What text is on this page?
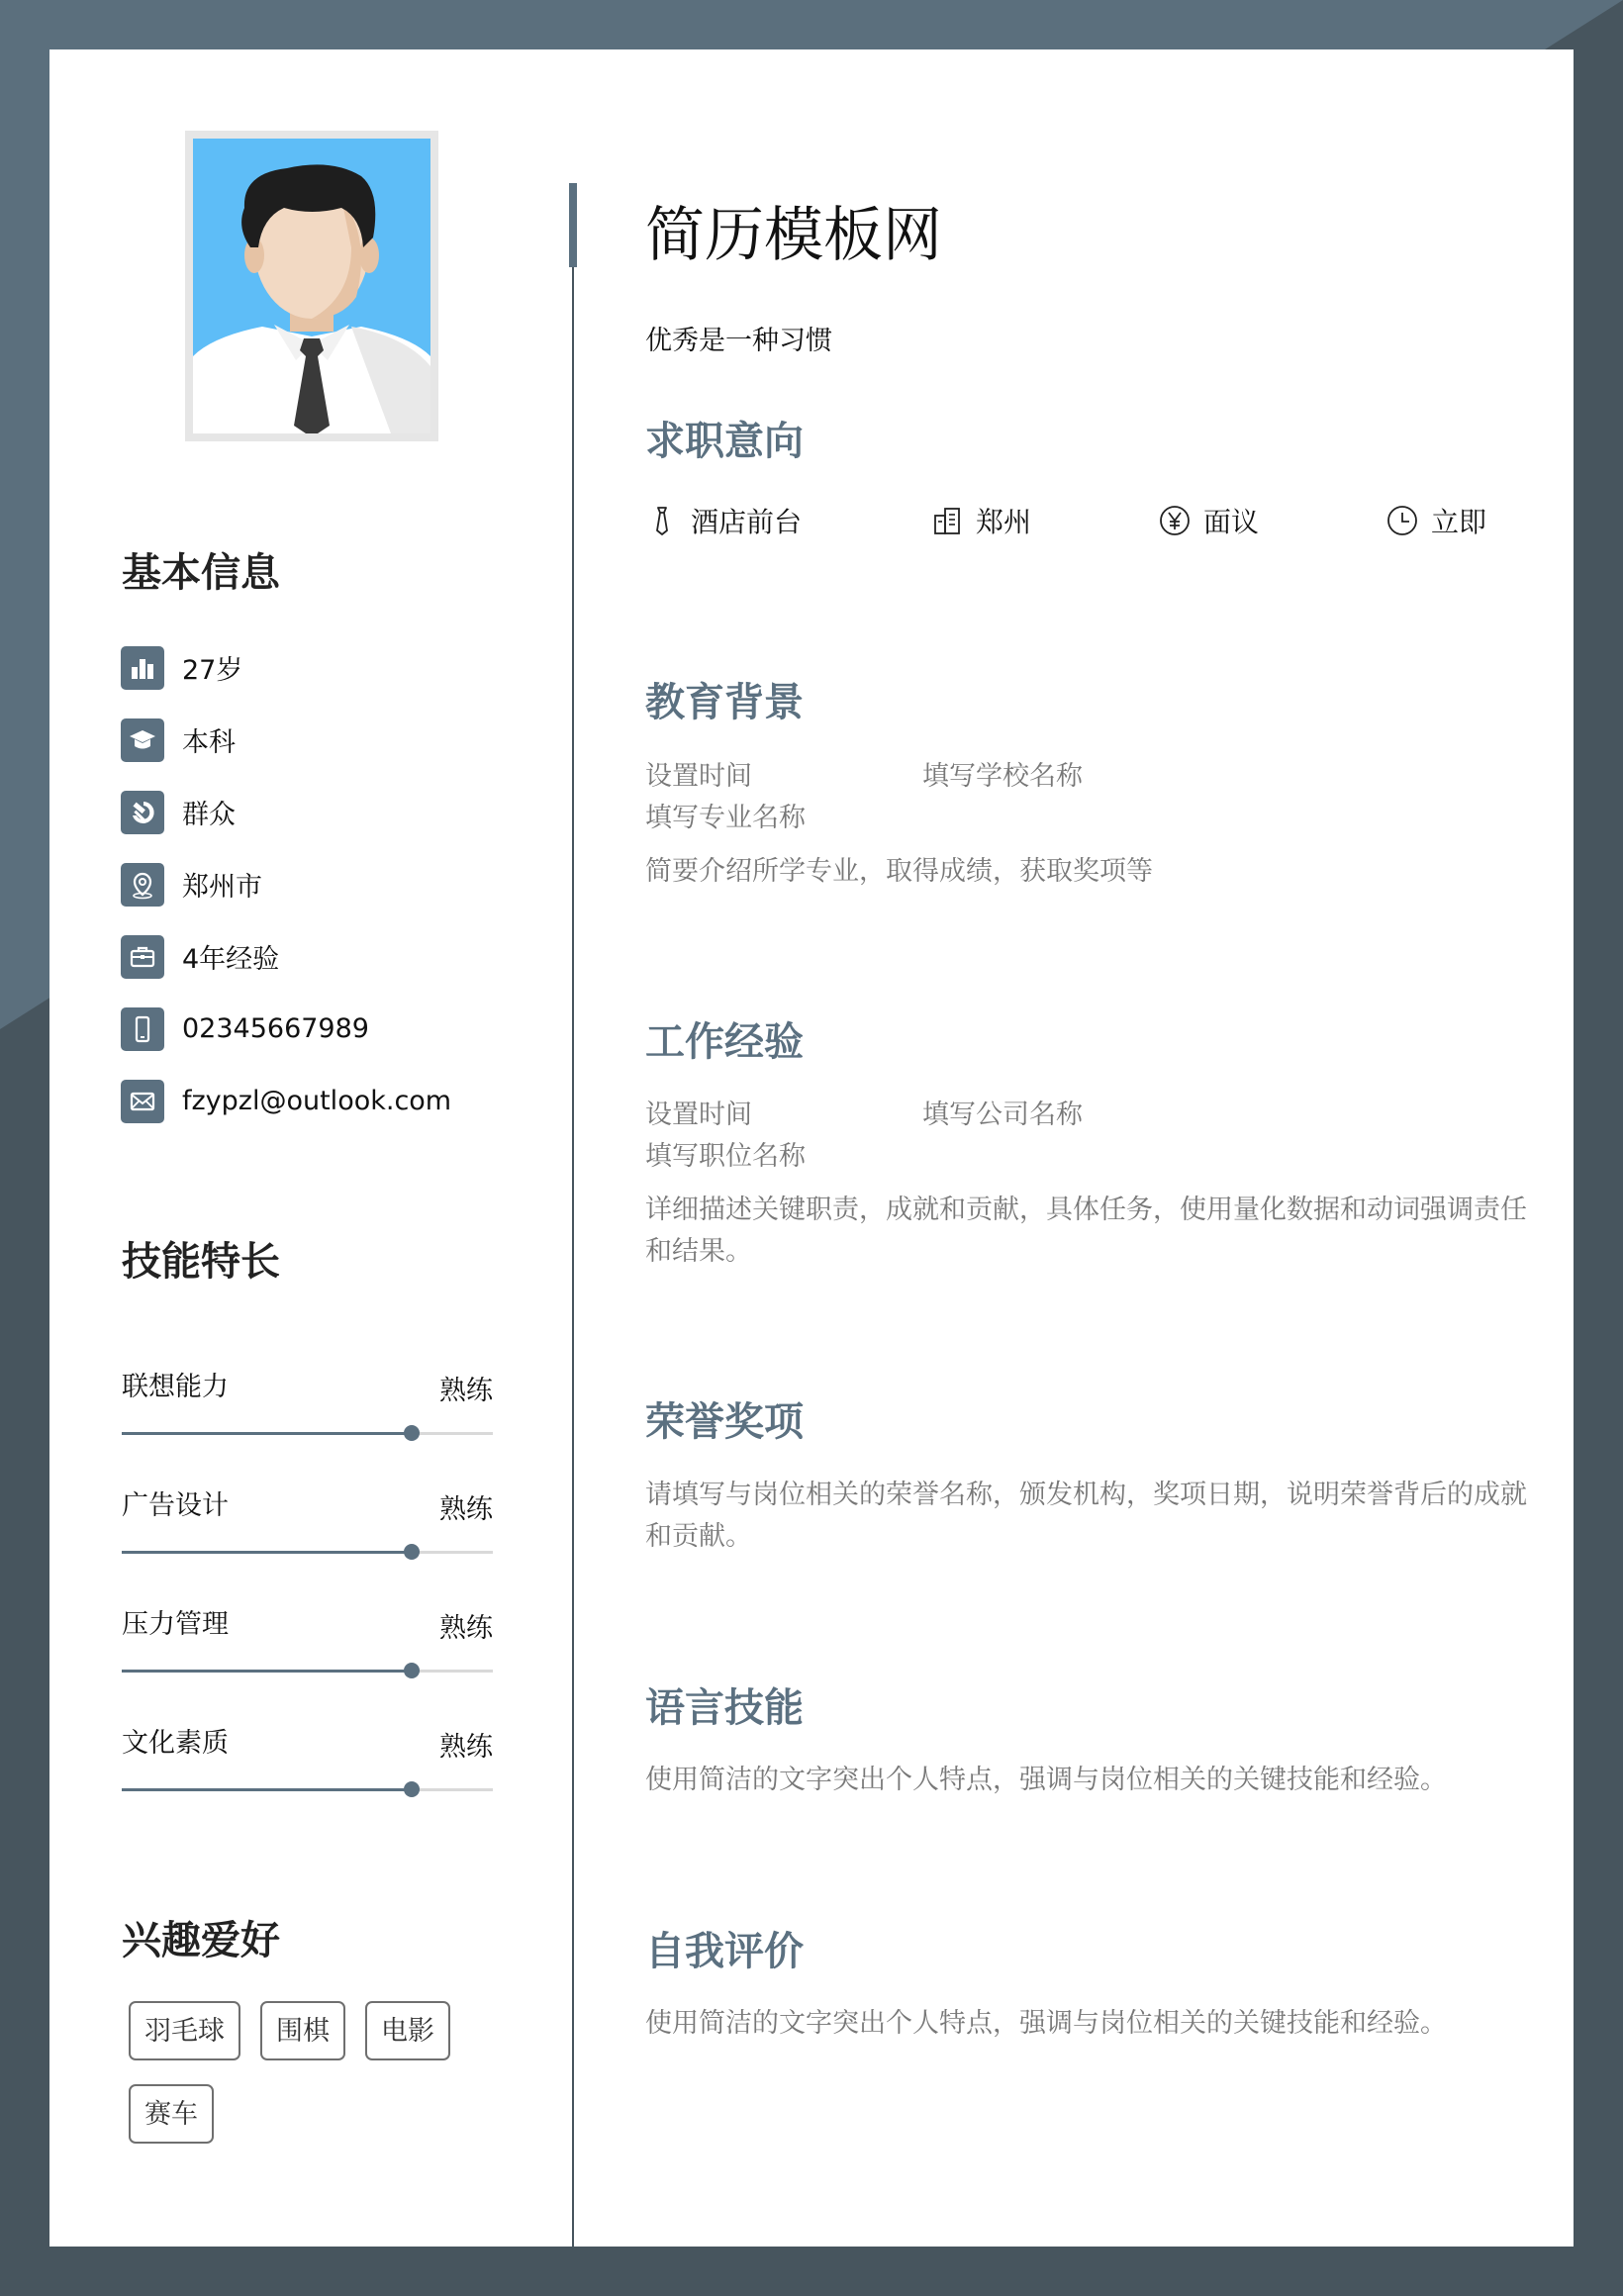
基本信息
27岁
本科
群众
郑州市
4年经验
02345667989
fzypzl@outlook.com
技能特长
联想能力	熟练
广告设计	熟练
压力管理	熟练
文化素质	熟练
兴趣爱好
羽毛球	围棋	电影
赛车
简历模板网
优秀是一种习惯
求职意向
酒店前台	郑州	面议	立即
教育背景
设置时间	填写学校名称
填写专业名称

简要介绍所学专业，取得成绩，获取奖项等

工作经验
设置时间	填写公司名称
填写职位名称

详细描述关键职责，成就和贡献，具体任务，使用量化数据和动词强调责任和结果。

荣誉奖项

请填写与岗位相关的荣誉名称，颁发机构，奖项日期，说明荣誉背后的成就和贡献。

语言技能

使用简洁的文字突出个人特点，强调与岗位相关的关键技能和经验。

自我评价

使用简洁的文字突出个人特点，强调与岗位相关的关键技能和经验。
